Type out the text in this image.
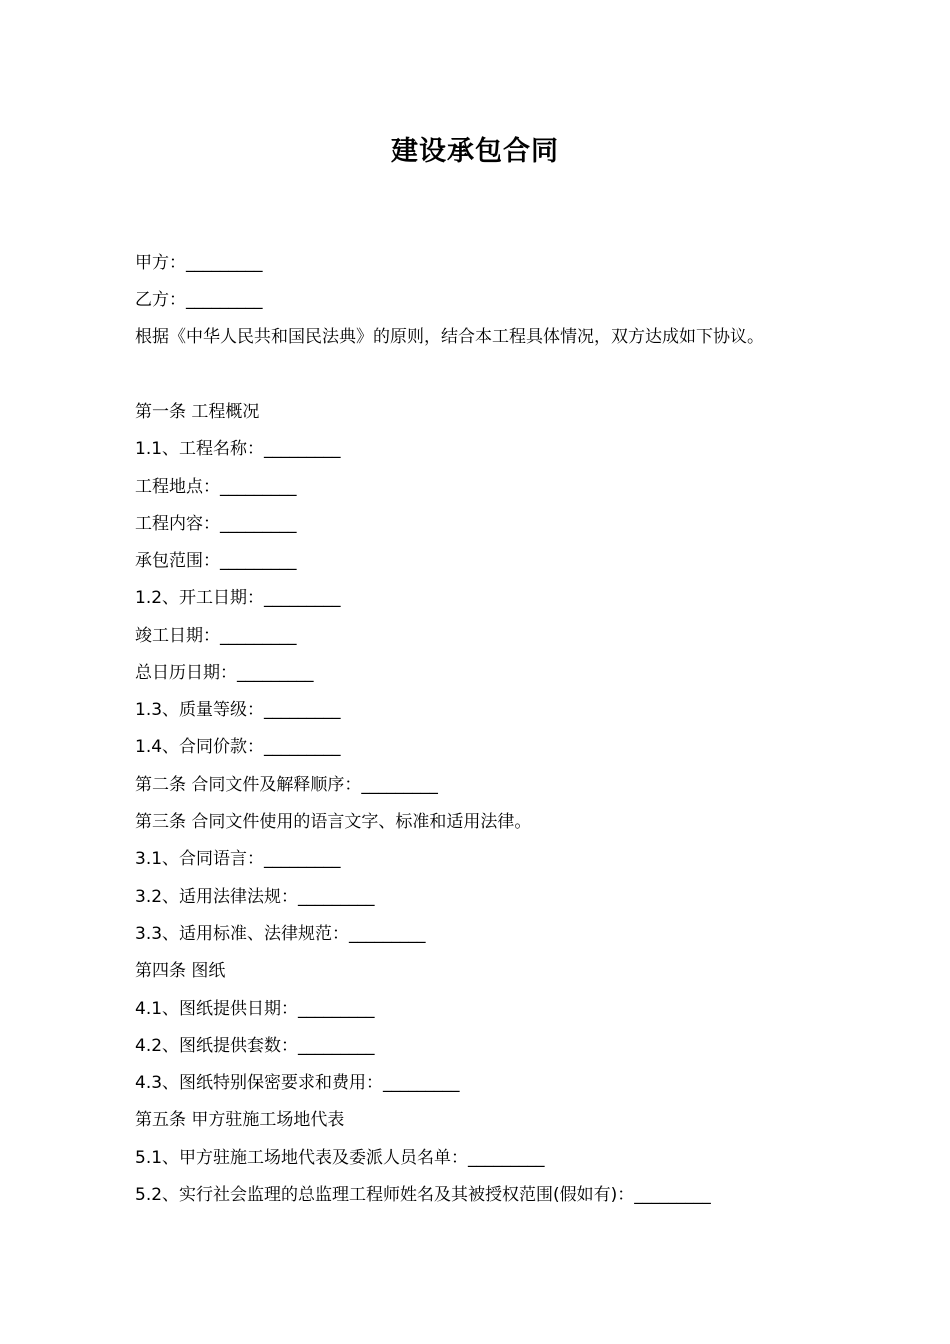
建设承包合同
甲方：_________
乙方：_________
根据《中华人民共和国民法典》的原则，结合本工程具体情况，双方达成如下协议。
第一条 工程概况
1.1、工程名称：_________
工程地点：_________
工程内容：_________
承包范围：_________
1.2、开工日期：_________
竣工日期：_________
总日历日期：_________
1.3、质量等级：_________
1.4、合同价款：_________
第二条 合同文件及解释顺序：_________
第三条 合同文件使用的语言文字、标准和适用法律。
3.1、合同语言：_________
3.2、适用法律法规：_________
3.3、适用标准、法律规范：_________
第四条 图纸
4.1、图纸提供日期：_________
4.2、图纸提供套数：_________
4.3、图纸特别保密要求和费用：_________
第五条 甲方驻施工场地代表
5.1、甲方驻施工场地代表及委派人员名单：_________
5.2、实行社会监理的总监理工程师姓名及其被授权范围(假如有)：_________
